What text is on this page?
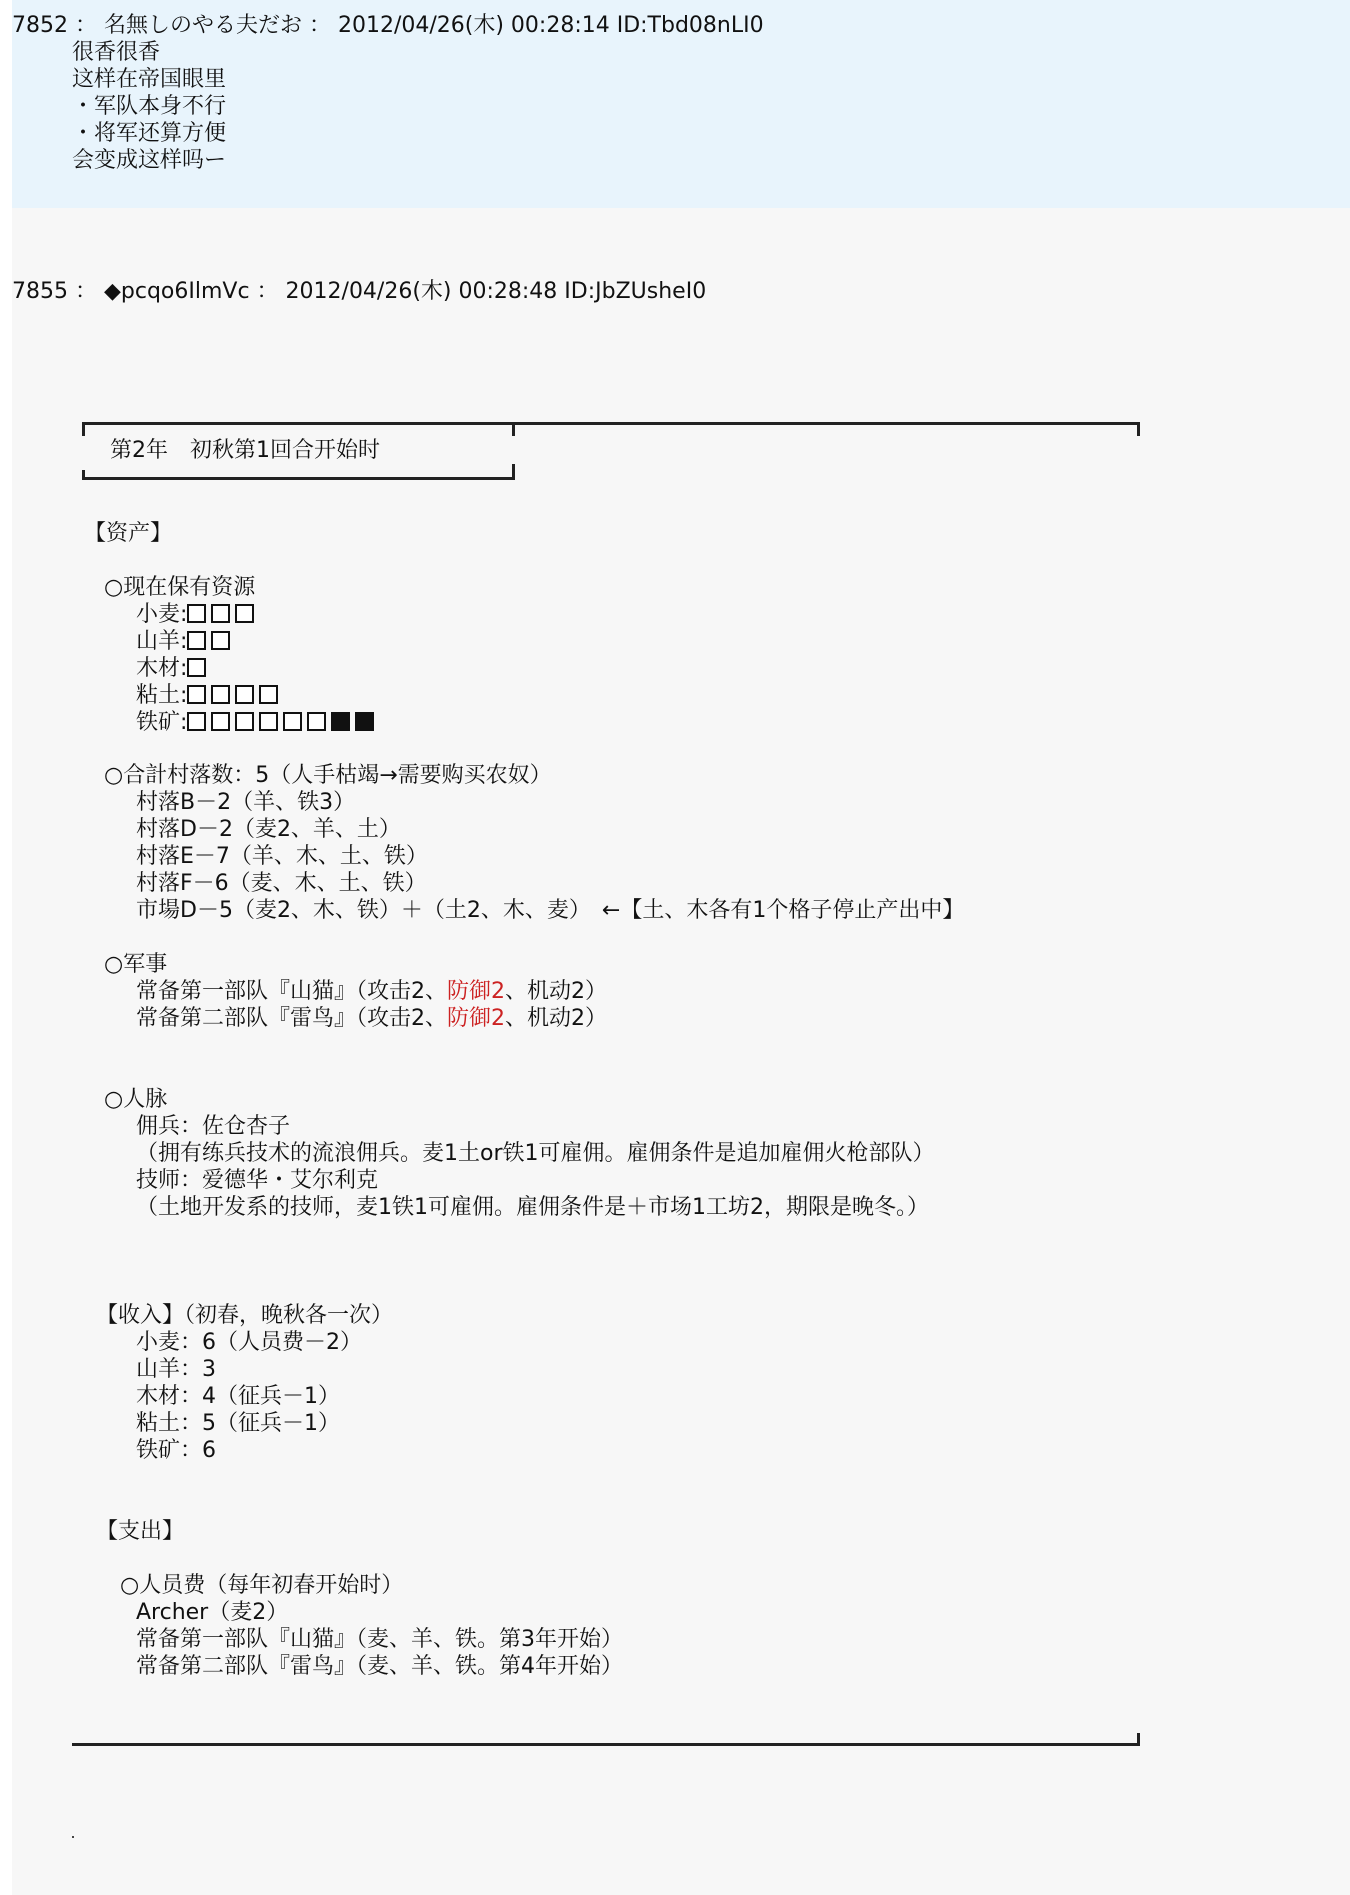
7852 ： 名無しのやる夫だお ： 2012/04/26(木) 00:28:14 ID:Tbd08nLI0
很香很香
这样在帝国眼里
・军队本身不行
・将军还算方便
会变成这样吗ー
7855 ： ◆pcqo6IlmVc ： 2012/04/26(木) 00:28:48 ID:JbZUsheI0
第2年　初秋第1回合开始时
【资产】
○现在保有资源
小麦:
山羊:
木材:
粘土:
铁矿:
○合計村落数：5（人手枯竭→需要购买农奴）
村落B－2（羊、铁3）
村落D－2（麦2、羊、土）
村落E－7（羊、木、土、铁）
村落F－6（麦、木、土、铁）
市場D－5（麦2、木、铁）＋（土2、木、麦）　←【土、木各有1个格子停止产出中】
○军事
常备第一部队『山猫』（攻击2、防御2、机动2）
常备第二部队『雷鸟』（攻击2、防御2、机动2）
○人脉
佣兵：佐仓杏子
（拥有练兵技术的流浪佣兵。麦1土or铁1可雇佣。雇佣条件是追加雇佣火枪部队）
技师：爱德华・艾尔利克
（土地开发系的技师，麦1铁1可雇佣。雇佣条件是＋市场1工坊2，期限是晚冬。）
【收入】（初春，晚秋各一次）
小麦：6（人员费－2）
山羊：3
木材：4（征兵－1）
粘土：5（征兵－1）
铁矿：6
【支出】
○人员费（每年初春开始时）
Archer（麦2）
常备第一部队『山猫』（麦、羊、铁。第3年开始）
常备第二部队『雷鸟』（麦、羊、铁。第4年开始）
